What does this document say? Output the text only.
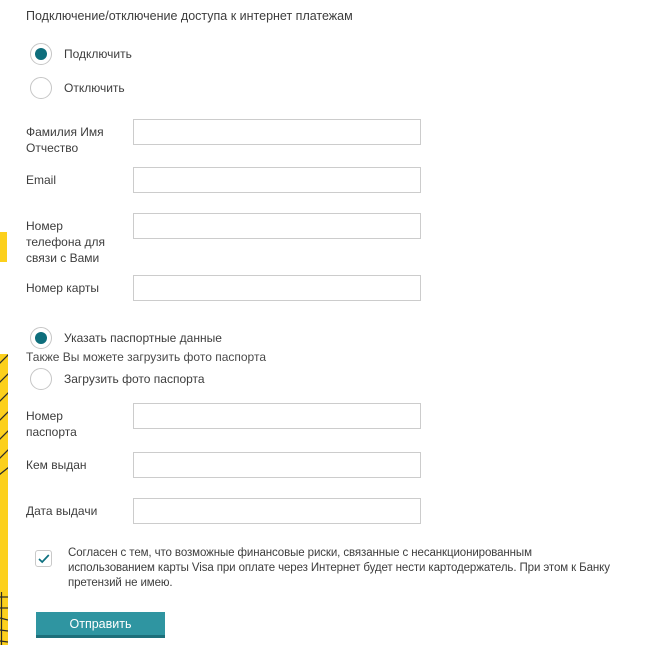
Подключение/отключение доступа к интернет платежам
Подключить
Отключить
Фамилия Имя Отчество
Email
Номер телефона для связи с Вами
Номер карты
Указать паспортные данные
Также Вы можете загрузить фото паспорта
Загрузить фото паспорта
Номер паспорта
Кем выдан
Дата выдачи
Согласен с тем, что возможные финансовые риски, связанные с несанкционированным
использованием карты Visa при оплате через Интернет будет нести картодержатель. При этом к Банку
претензий не имею.
Отправить
